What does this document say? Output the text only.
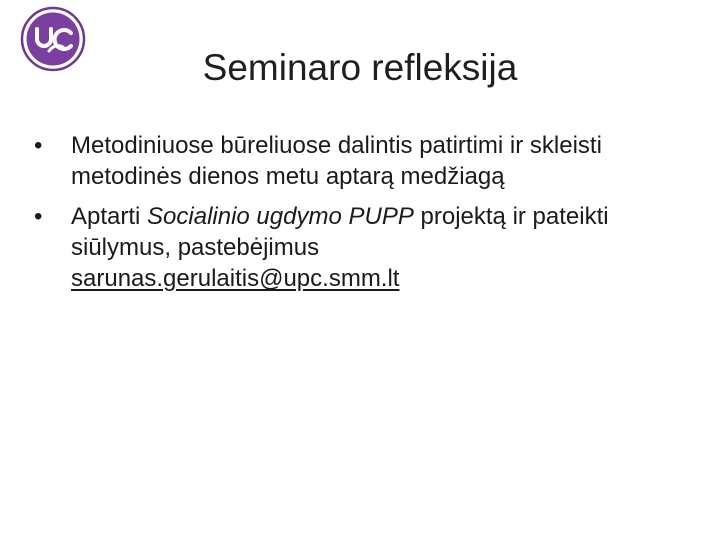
Seminaro refleksija
•	Metodiniuose būreliuose dalintis patirtimi ir skleisti metodinės dienos metu aptarą medžiagą
•	Aptarti Socialinio ugdymo PUPP projektą ir pateikti siūlymus, pastebėjimus
sarunas.gerulaitis@upc.smm.lt
